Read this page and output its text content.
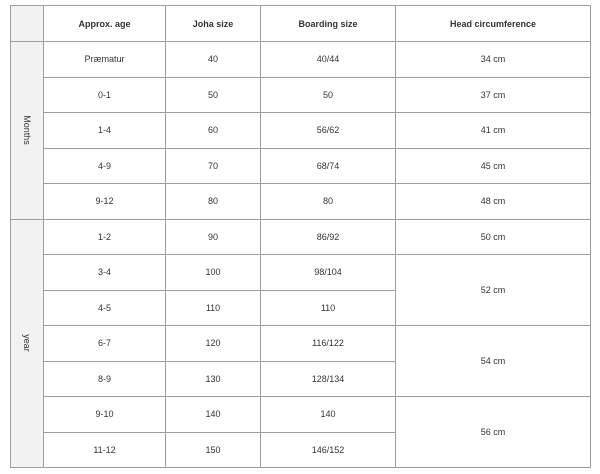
	Approx. age	Joha size	Boarding size	Head circumference
Months	Præmatur	40	40/44	34 cm
	0-1	50	50	37 cm
	1-4	60	56/62	41 cm
	4-9	70	68/74	45 cm
	9-12	80	80	48 cm
year	1-2	90	86/92	50 cm
	3-4	100	98/104	52 cm
	4-5	110	110	
	6-7	120	116/122	54 cm
	8-9	130	128/134	
	9-10	140	140	56 cm
	11-12	150	146/152	
